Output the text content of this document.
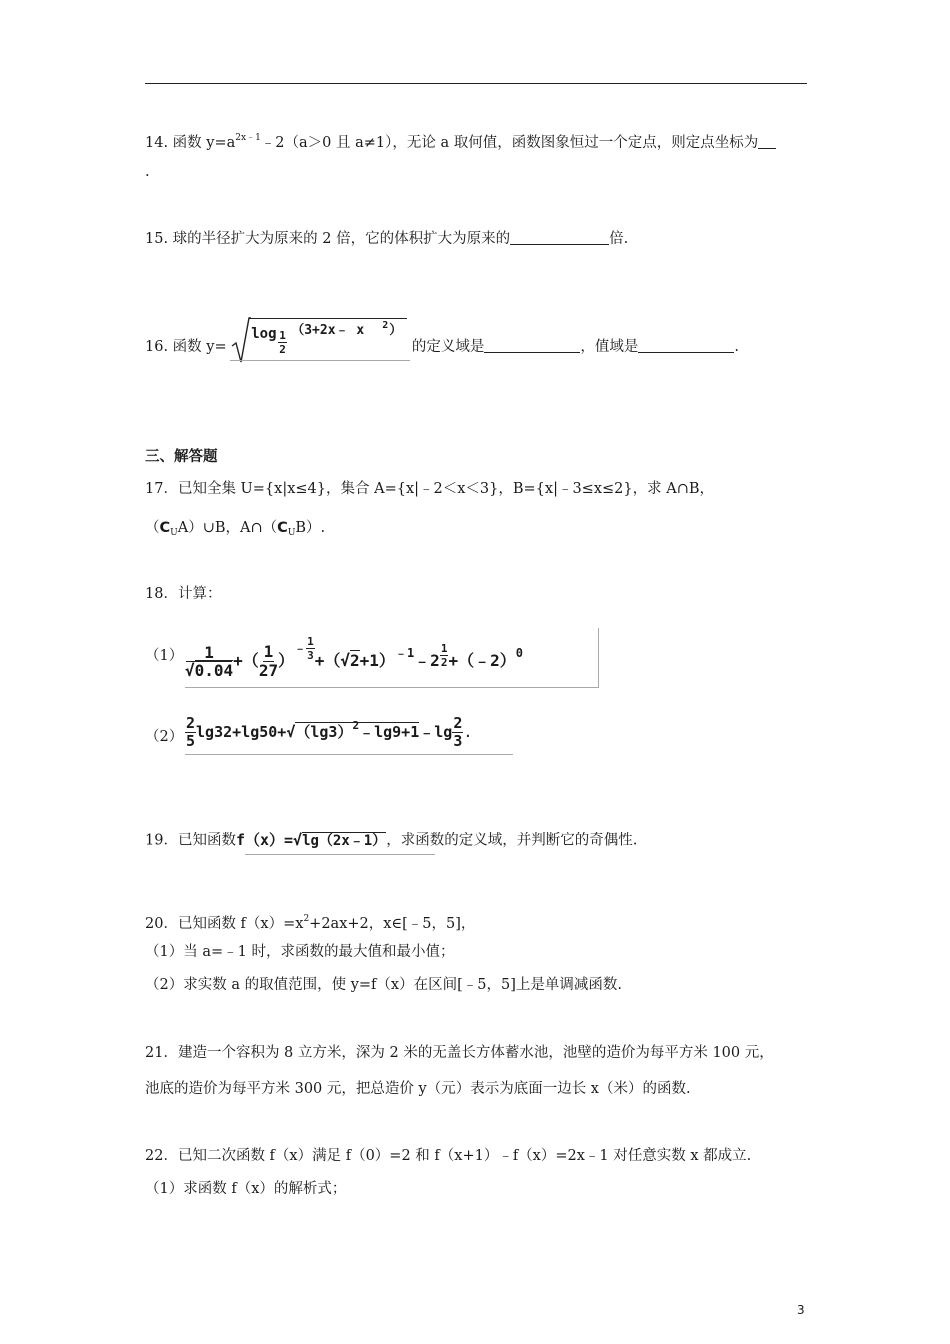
14. 函数 $y=a^{2x﹣1}﹣2(a>0$ 且 a≠1），无论 a 取何值，函数图象恒过一个定点，则定点坐标为
.
15. 球的半径扩大为原来的 2 倍，它的体积扩大为原来的	倍.
16. 函数 y=
$\log \frac{1}{2}$ （3+2x﹣ x 2 ）
的定义域是	，值域是	.
三、解答题
17．已知全集 U={x|x≤4}，集合 A={x|﹣2＜x＜3}，B={x|﹣3≤x≤2}，求 A∩B，
$(C_UA)\cup B$，$A\cap(C_UB)$.
18．计算：
$(1) \frac{1}{√0.04}$ +（ $\frac{1}{27} )^{﹣ \frac{1}{3}}$ $+(√2+1)^{﹣1}﹣2 \frac{1}{2}$ +（﹣2）$^0$
$(2) \frac{2}{5}$ $\lg 32+\lg 50+√(\lg 3)^2﹣\lg 9+1﹣\lg \frac{2}{3}$ .
19．已知函数f（x）=√lg（2x﹣1），求函数的定义域，并判断它的奇偶性.
20．已知函数 $f(x)=x^2+2ax+2$，x∈[﹣5，5]，
（1）当 a=﹣1 时，求函数的最大值和最小值；
（2）求实数 a 的取值范围，使 y=f（x）在区间[﹣5，5]上是单调减函数.
21．建造一个容积为 8 立方米，深为 2 米的无盖长方体蓄水池，池壁的造价为每平方米 100 元，
池底的造价为每平方米 300 元，把总造价 y（元）表示为底面一边长 x（米）的函数.
22．已知二次函数 f（x）满足 f（0）=2 和 f（x+1）﹣f（x）=2x﹣1 对任意实数 x 都成立.
（1）求函数 f（x）的解析式；
3
